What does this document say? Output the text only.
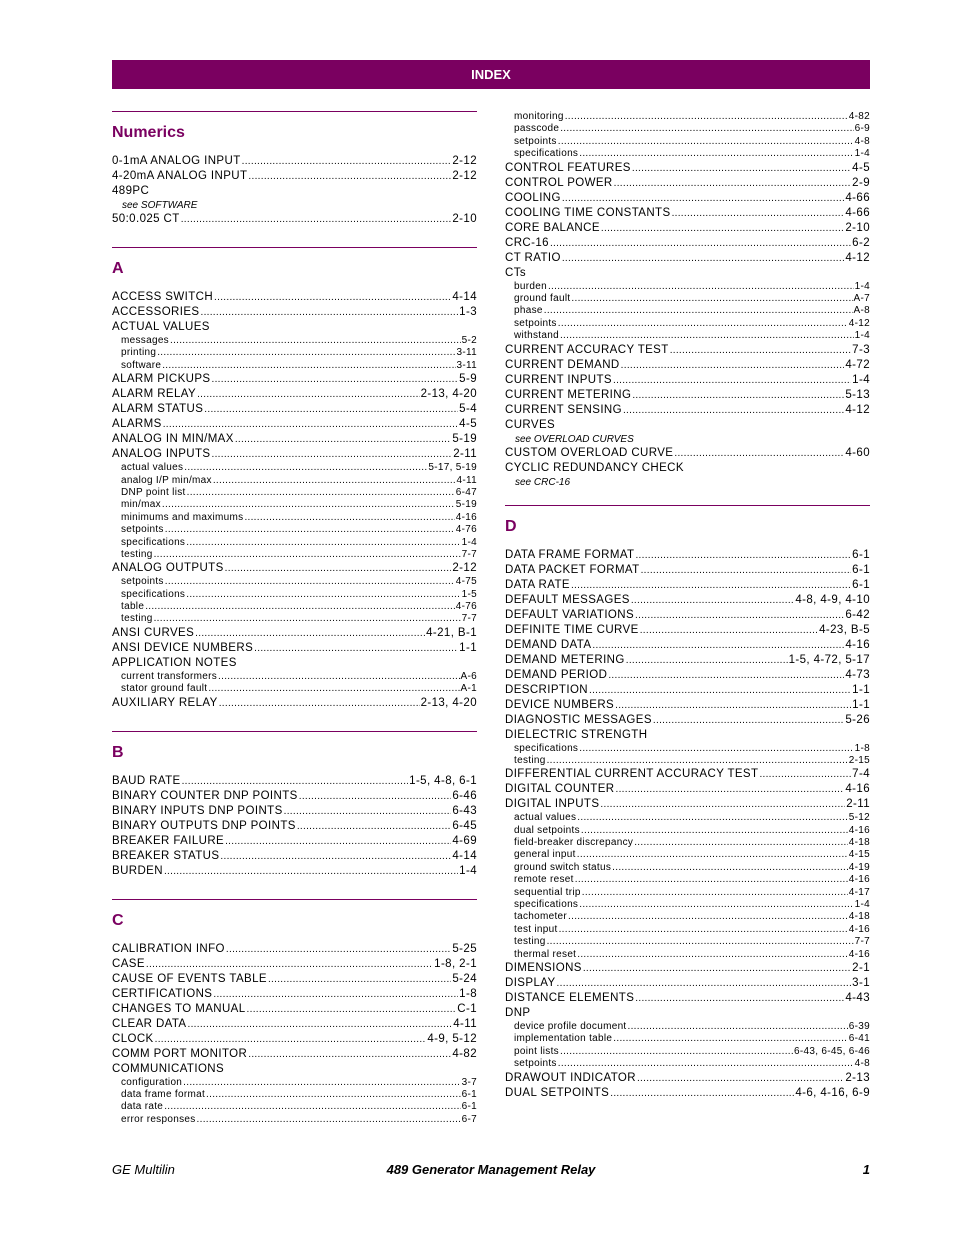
INDEX
Numerics
0-1mA ANALOG INPUT .....	2-12
4-20mA ANALOG INPUT .....	2-12
489PC
see SOFTWARE
50:0.025 CT .....	2-10
A
ACCESS SWITCH .....	4-14
ACCESSORIES .....	1-3
ACTUAL VALUES
messages .....	5-2
printing .....	3-11
software .....	3-11
ALARM PICKUPS .....	5-9
ALARM RELAY .....	2-13, 4-20
ALARM STATUS .....	5-4
ALARMS .....	4-5
ANALOG IN MIN/MAX .....	5-19
ANALOG INPUTS .....	2-11
actual values .....	5-17, 5-19
analog I/P min/max .....	4-11
DNP point list .....	6-47
min/max .....	5-19
minimums and maximums .....	4-16
setpoints .....	4-76
specifications .....	1-4
testing .....	7-7
ANALOG OUTPUTS .....	2-12
setpoints .....	4-75
specifications .....	1-5
table .....	4-76
testing .....	7-7
ANSI CURVES .....	4-21, B-1
ANSI DEVICE NUMBERS .....	1-1
APPLICATION NOTES
current transformers .....	A-6
stator ground fault .....	A-1
AUXILIARY RELAY .....	2-13, 4-20
B
BAUD RATE .....	1-5, 4-8, 6-1
BINARY COUNTER DNP POINTS .....	6-46
BINARY INPUTS DNP POINTS .....	6-43
BINARY OUTPUTS DNP POINTS .....	6-45
BREAKER FAILURE .....	4-69
BREAKER STATUS .....	4-14
BURDEN .....	1-4
C
CALIBRATION INFO .....	5-25
CASE .....	1-8, 2-1
CAUSE OF EVENTS TABLE .....	5-24
CERTIFICATIONS .....	1-8
CHANGES TO MANUAL .....	C-1
CLEAR DATA .....	4-11
CLOCK .....	4-9, 5-12
COMM PORT MONITOR .....	4-82
COMMUNICATIONS
configuration .....	3-7
data frame format .....	6-1
data rate .....	6-1
error responses .....	6-7
monitoring .....	4-82
passcode .....	6-9
setpoints .....	4-8
specifications .....	1-4
CONTROL FEATURES .....	4-5
CONTROL POWER .....	2-9
COOLING .....	4-66
COOLING TIME CONSTANTS .....	4-66
CORE BALANCE .....	2-10
CRC-16 .....	6-2
CT RATIO .....	4-12
CTs
burden .....	1-4
ground fault .....	A-7
phase .....	A-8
setpoints .....	4-12
withstand .....	1-4
CURRENT ACCURACY TEST .....	7-3
CURRENT DEMAND .....	4-72
CURRENT INPUTS .....	1-4
CURRENT METERING .....	5-13
CURRENT SENSING .....	4-12
CURVES
see OVERLOAD CURVES
CUSTOM OVERLOAD CURVE .....	4-60
CYCLIC REDUNDANCY CHECK
see CRC-16
D
DATA FRAME FORMAT .....	6-1
DATA PACKET FORMAT .....	6-1
DATA RATE .....	6-1
DEFAULT MESSAGES .....	4-8, 4-9, 4-10
DEFAULT VARIATIONS .....	6-42
DEFINITE TIME CURVE .....	4-23, B-5
DEMAND DATA .....	4-16
DEMAND METERING .....	1-5, 4-72, 5-17
DEMAND PERIOD .....	4-73
DESCRIPTION .....	1-1
DEVICE NUMBERS .....	1-1
DIAGNOSTIC MESSAGES .....	5-26
DIELECTRIC STRENGTH
specifications .....	1-8
testing .....	2-15
DIFFERENTIAL CURRENT ACCURACY TEST .....	7-4
DIGITAL COUNTER .....	4-16
DIGITAL INPUTS .....	2-11
actual values .....	5-12
dual setpoints .....	4-16
field-breaker discrepancy .....	4-18
general input .....	4-15
ground switch status .....	4-19
remote reset .....	4-16
sequential trip .....	4-17
specifications .....	1-4
tachometer .....	4-18
test input .....	4-16
testing .....	7-7
thermal reset .....	4-16
DIMENSIONS .....	2-1
DISPLAY .....	3-1
DISTANCE ELEMENTS .....	4-43
DNP
device profile document .....	6-39
implementation table .....	6-41
point lists .....	6-43, 6-45, 6-46
setpoints .....	4-8
DRAWOUT INDICATOR .....	2-13
DUAL SETPOINTS .....	4-6, 4-16, 6-9
GE Multilin	489 Generator Management Relay	1
